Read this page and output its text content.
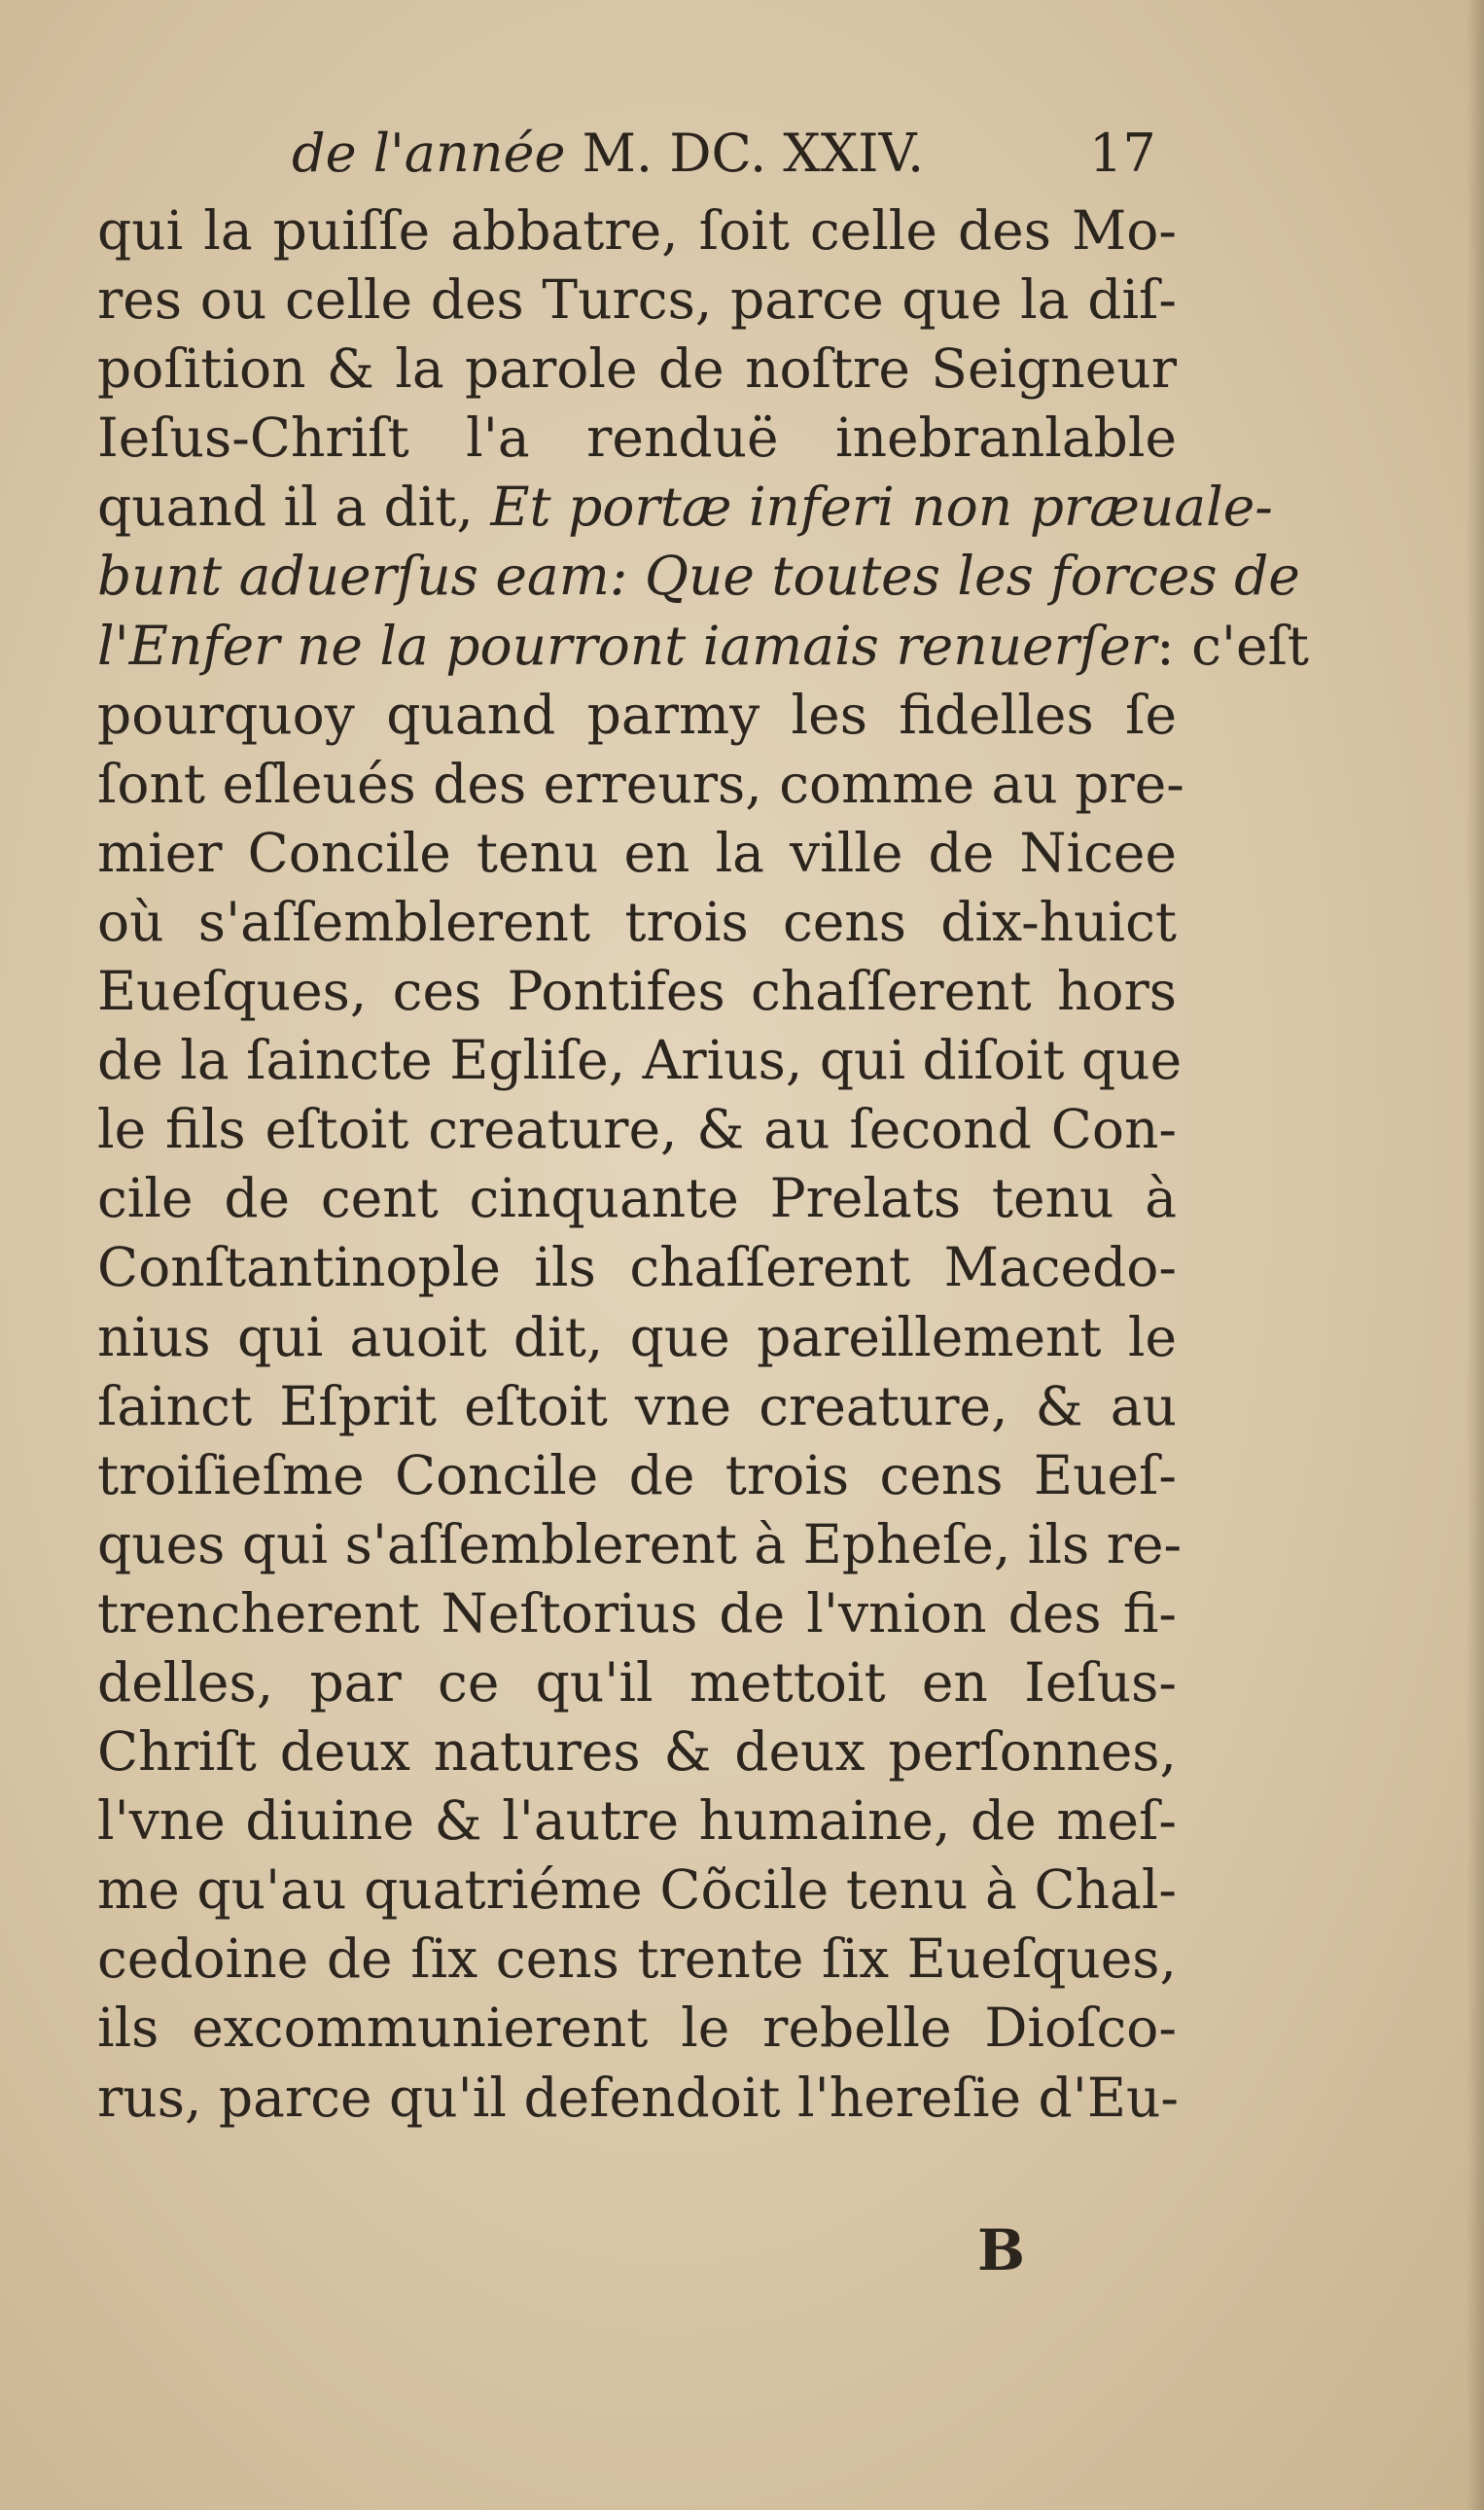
de l'année M. DC. XXIV.	17
qui la puiſſe abbatre, ſoit celle des Mo-
res ou celle des Turcs, parce que la diſ-
poſition & la parole de noſtre Seigneur
Ieſus-Chriſt l'a renduë inebranlable
quand il a dit, Et portæ inferi non præuale-
bunt aduerſus eam: Que toutes les forces de
l'Enfer ne la pourront iamais renuerſer: c'eſt
pourquoy quand parmy les fidelles ſe
ſont eſleués des erreurs, comme au pre-
mier Concile tenu en la ville de Nicee
où s'aſſemblerent trois cens dix-huict
Eueſques, ces Pontifes chaſſerent hors
de la ſaincte Egliſe, Arius, qui diſoit que
le fils eſtoit creature, & au ſecond Con-
cile de cent cinquante Prelats tenu à
Conſtantinople ils chaſſerent Macedo-
nius qui auoit dit, que pareillement le
ſainct Eſprit eſtoit vne creature, & au
troiſieſme Concile de trois cens Eueſ-
ques qui s'aſſemblerent à Epheſe, ils re-
trencherent Neſtorius de l'vnion des fi-
delles, par ce qu'il mettoit en Ieſus-
Chriſt deux natures & deux perſonnes,
l'vne diuine & l'autre humaine, de meſ-
me qu'au quatriéme Cõcile tenu à Chal-
cedoine de ſix cens trente ſix Eueſques,
ils excommunierent le rebelle Dioſco-
rus, parce qu'il defendoit l'hereſie d'Eu-
B
